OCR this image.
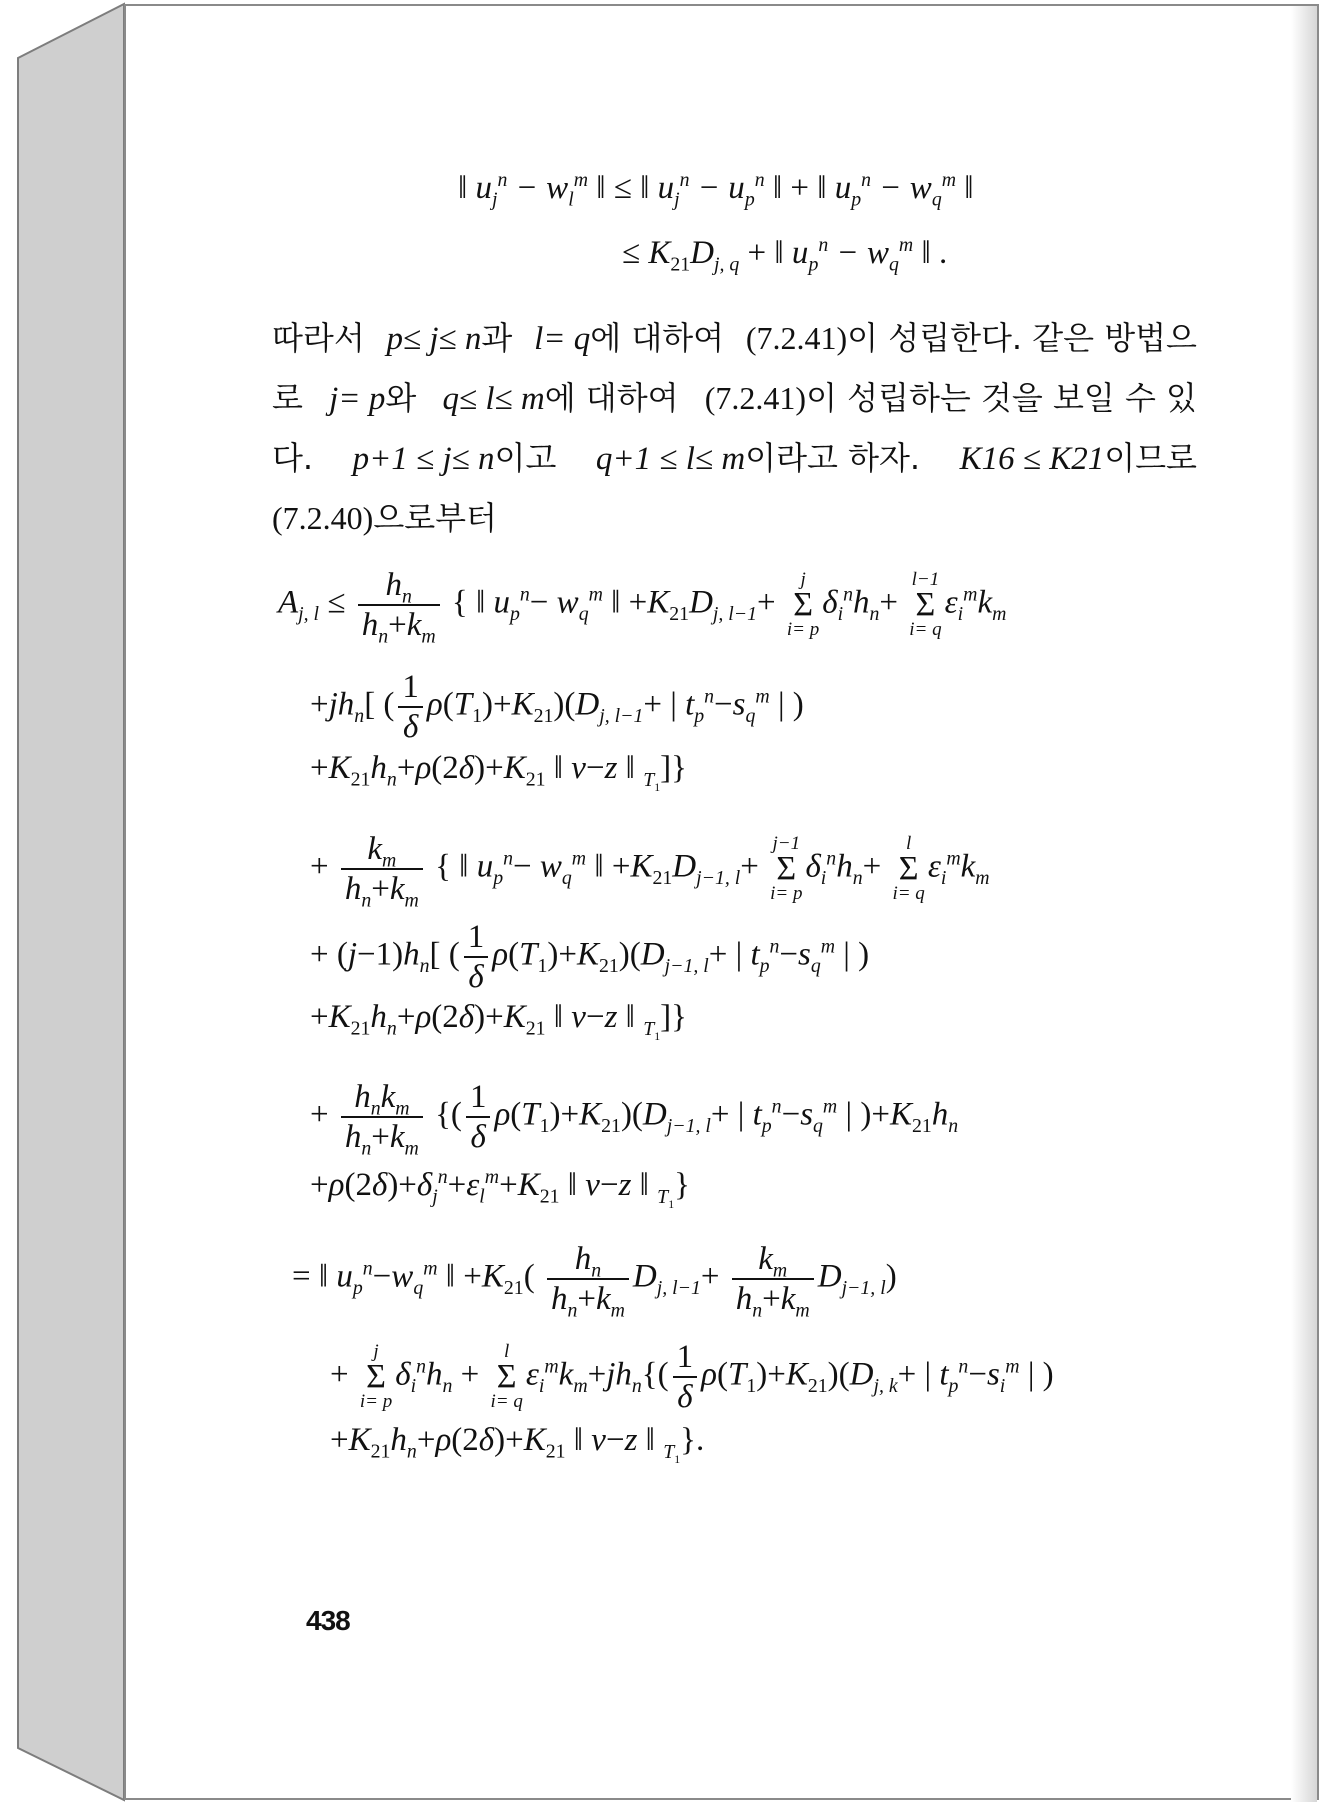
‖ $u_j^n - w_l^m$ ‖ ≤ ‖ $u_j^n - u_p^n$ ‖ + ‖ $u_p^n - w_q^m$ ‖
≤ $K_{21}D_{j, q}$ + ‖ $u_p^n - w_q^m$ ‖ .
따라서 p≤ j≤ n과 l= q에 대하여 (7.2.41)이 성립한다. 같은 방법으
로 j= p와 q≤ l≤ m에 대하여 (7.2.41)이 성립하는 것을 보일 수 있
다. p+1 ≤ j≤ n이고 q+1 ≤ l≤ m이라고 하자. K16 ≤ K21이므로
(7.2.40)으로부터
$A_{j, l} \le \frac{h_n}{h_n+k_m}$ { ‖ $u_p^n- w_q^m$ ‖ $+K_{21}D_{j, l-1}+$
j
Σ
i= p
$\delta_i^nh_n+$
l−1
Σ
i= q
$\varepsilon_i^mk_m$
$+jh_n$[ ( $\frac{1}{\delta} \rho(T_1)+K_{21})(D_{j, l-1}+$ | $t_p^n-s_q^m$ | )
$+K_{21}h_n+\rho(2\delta)+K_{21}$ ‖ v−z ‖ $_{T_1}$]}
+ $\frac{k_m}{h_n+k_m}$ { ‖ $u_p^n- w_q^m$ ‖ $+K_{21}D_{j-1, l}+$
j−1
Σ
i= p
$\delta_i^nh_n+$
l
Σ
i= q
$\varepsilon_i^mk_m$
+ $(j-1)h_n$[ ( $\frac{1}{\delta} \rho(T_1)+K_{21})(D_{j-1, l}+$ | $t_p^n-s_q^m$ | )
$+K_{21}h_n+\rho(2\delta)+K_{21}$ ‖ v−z ‖ $_{T_1}$]}
+ $\frac{h_nk_m}{h_n+k_m}$ {( $\frac{1}{\delta} \rho(T_1)+K_{21})(D_{j-1, l}+$ | $t_p^n-s_q^m$ | )$+K_{21}h_n$
$+\rho(2\delta)+\delta_j^n+\varepsilon_l^m+K_{21}$ ‖ v−z ‖ $_{T_1}$}
= ‖ $u_p^n-w_q^m$ ‖ $+K_{21}( \frac{h_n}{h_n+k_m} D_{j, l-1}+ \frac{k_m}{h_n+k_m} D_{j-1, l})$
+
j
Σ
i= p
$\delta_i^nh_n$ +
l
Σ
i= q
$\varepsilon_i^mk_m+jh_n\{( \frac{1}{\delta} \rho(T_1)+K_{21})(D_{j, k}+$ | $t_p^n-s_i^m$ | )
$+K_{21}h_n+\rho(2\delta)+K_{21}$ ‖ v−z ‖ $_{T_1}$}.
438
